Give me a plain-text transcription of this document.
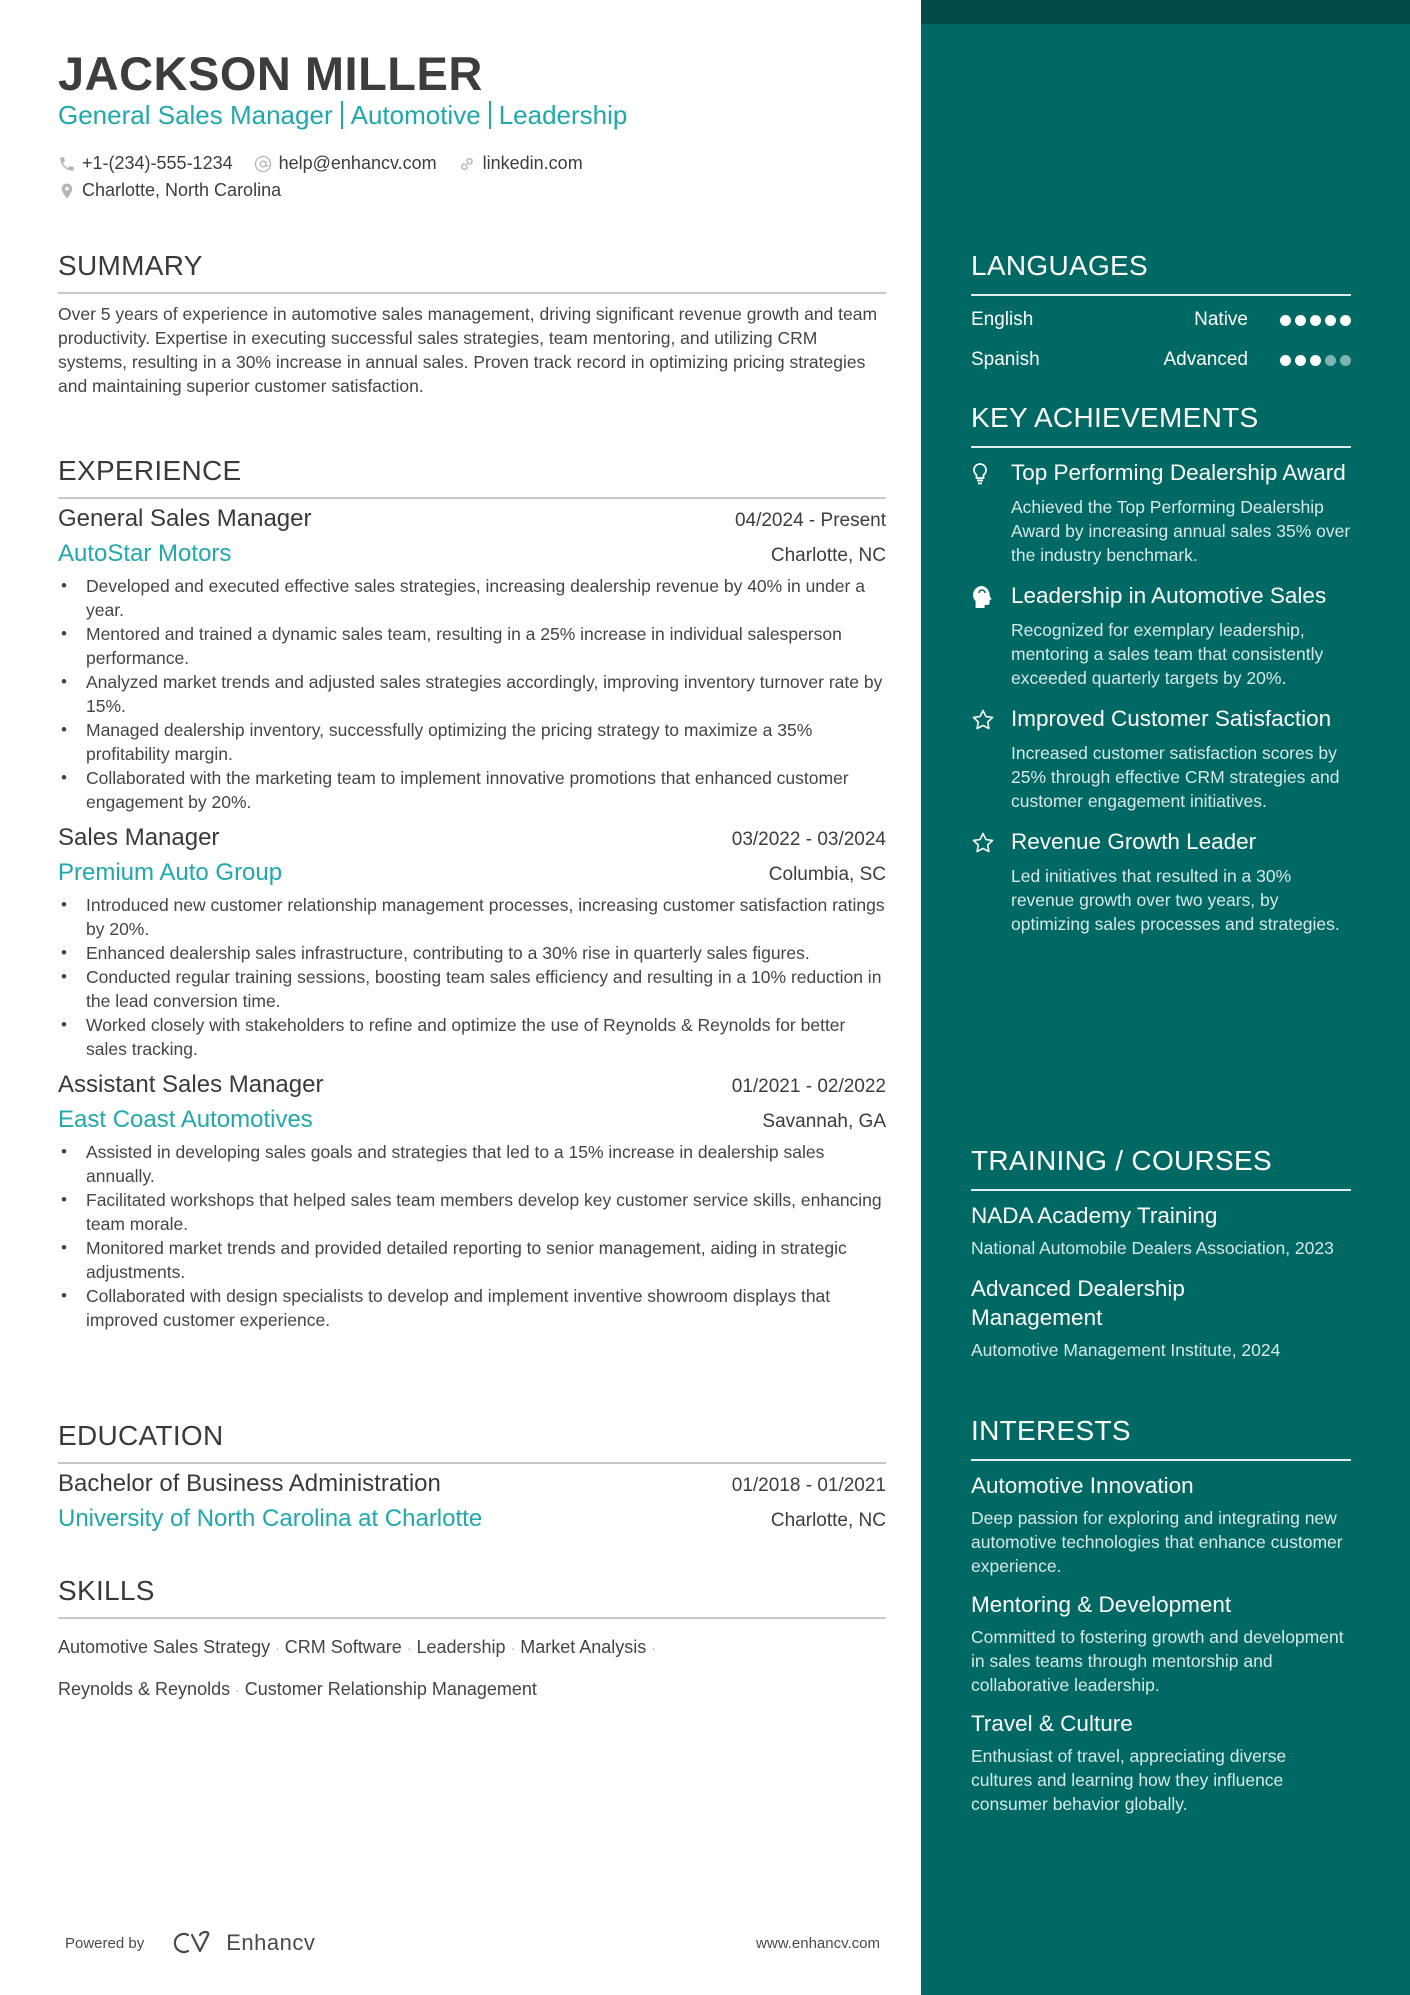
JACKSON MILLER
General Sales Manager Automotive Leadership
+1-(234)-555-1234	help@enhancv.com	linkedin.com
Charlotte, North Carolina
SUMMARY

Over 5 years of experience in automotive sales management, driving significant revenue growth and team productivity. Expertise in executing successful sales strategies, team mentoring, and utilizing CRM systems, resulting in a 30% increase in annual sales. Proven track record in optimizing pricing strategies and maintaining superior customer satisfaction.

EXPERIENCE
General Sales Manager	04/2024 - Present
AutoStar Motors	Charlotte, NC
• Developed and executed effective sales strategies, increasing dealership revenue by 40% in under a year.
• Mentored and trained a dynamic sales team, resulting in a 25% increase in individual salesperson performance.
• Analyzed market trends and adjusted sales strategies accordingly, improving inventory turnover rate by 15%.
• Managed dealership inventory, successfully optimizing the pricing strategy to maximize a 35% profitability margin.
• Collaborated with the marketing team to implement innovative promotions that enhanced customer engagement by 20%.
Sales Manager	03/2022 - 03/2024
Premium Auto Group	Columbia, SC
• Introduced new customer relationship management processes, increasing customer satisfaction ratings by 20%.
• Enhanced dealership sales infrastructure, contributing to a 30% rise in quarterly sales figures.
• Conducted regular training sessions, boosting team sales efficiency and resulting in a 10% reduction in the lead conversion time.
• Worked closely with stakeholders to refine and optimize the use of Reynolds & Reynolds for better sales tracking.
Assistant Sales Manager	01/2021 - 02/2022
East Coast Automotives	Savannah, GA
• Assisted in developing sales goals and strategies that led to a 15% increase in dealership sales annually.
• Facilitated workshops that helped sales team members develop key customer service skills, enhancing team morale.
• Monitored market trends and provided detailed reporting to senior management, aiding in strategic adjustments.
• Collaborated with design specialists to develop and implement inventive showroom displays that improved customer experience.
EDUCATION
Bachelor of Business Administration	01/2018 - 01/2021
University of North Carolina at Charlotte	Charlotte, NC
SKILLS
Automotive Sales Strategy · CRM Software · Leadership · Market Analysis ·
Reynolds & Reynolds · Customer Relationship Management
Powered by	Enhancv	www.enhancv.com
LANGUAGES
English	Native
Spanish	Advanced
KEY ACHIEVEMENTS
Top Performing Dealership Award
Achieved the Top Performing Dealership Award by increasing annual sales 35% over the industry benchmark.
Leadership in Automotive Sales
Recognized for exemplary leadership, mentoring a sales team that consistently exceeded quarterly targets by 20%.
Improved Customer Satisfaction
Increased customer satisfaction scores by 25% through effective CRM strategies and customer engagement initiatives.
Revenue Growth Leader
Led initiatives that resulted in a 30% revenue growth over two years, by optimizing sales processes and strategies.
TRAINING / COURSES
NADA Academy Training
National Automobile Dealers Association, 2023
Advanced Dealership Management
Automotive Management Institute, 2024
INTERESTS
Automotive Innovation
Deep passion for exploring and integrating new automotive technologies that enhance customer experience.
Mentoring & Development
Committed to fostering growth and development in sales teams through mentorship and collaborative leadership.
Travel & Culture
Enthusiast of travel, appreciating diverse cultures and learning how they influence consumer behavior globally.
